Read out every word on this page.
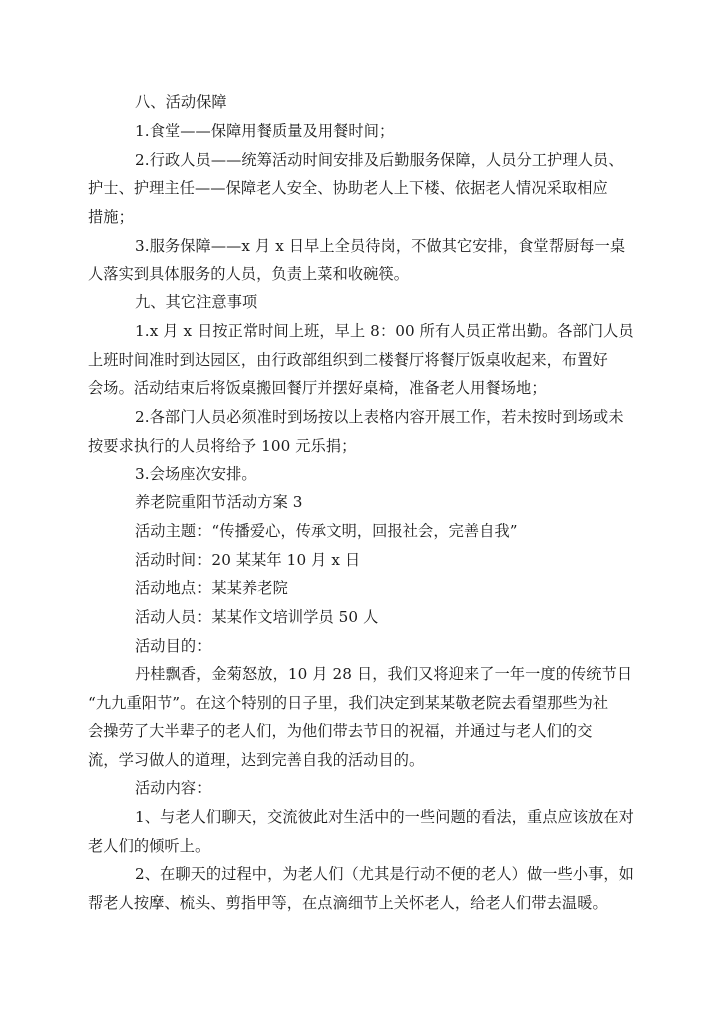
八、活动保障

1.食堂——保障用餐质量及用餐时间；

2.行政人员——统筹活动时间安排及后勤服务保障，人员分工护理人员、

护士、护理主任——保障老人安全、协助老人上下楼、依据老人情况采取相应

措施；

3.服务保障——x 月 x 日早上全员待岗，不做其它安排，食堂帮厨每一桌

人落实到具体服务的人员，负责上菜和收碗筷。

九、其它注意事项

1.x 月 x 日按正常时间上班，早上 8：00 所有人员正常出勤。各部门人员

上班时间准时到达园区，由行政部组织到二楼餐厅将餐厅饭桌收起来，布置好

会场。活动结束后将饭桌搬回餐厅并摆好桌椅，准备老人用餐场地；

2.各部门人员必须准时到场按以上表格内容开展工作，若未按时到场或未

按要求执行的人员将给予 100 元乐捐；

3.会场座次安排。

养老院重阳节活动方案 3

活动主题：“传播爱心，传承文明，回报社会，完善自我”

活动时间：20 某某年 10 月 x 日

活动地点：某某养老院

活动人员：某某作文培训学员 50 人

活动目的：

丹桂飘香，金菊怒放，10 月 28 日，我们又将迎来了一年一度的传统节日

“九九重阳节”。在这个特别的日子里，我们决定到某某敬老院去看望那些为社

会操劳了大半辈子的老人们，为他们带去节日的祝福，并通过与老人们的交

流，学习做人的道理，达到完善自我的活动目的。

活动内容：

1、与老人们聊天，交流彼此对生活中的一些问题的看法，重点应该放在对

老人们的倾听上。

2、在聊天的过程中，为老人们（尤其是行动不便的老人）做一些小事，如

帮老人按摩、梳头、剪指甲等，在点滴细节上关怀老人，给老人们带去温暖。
